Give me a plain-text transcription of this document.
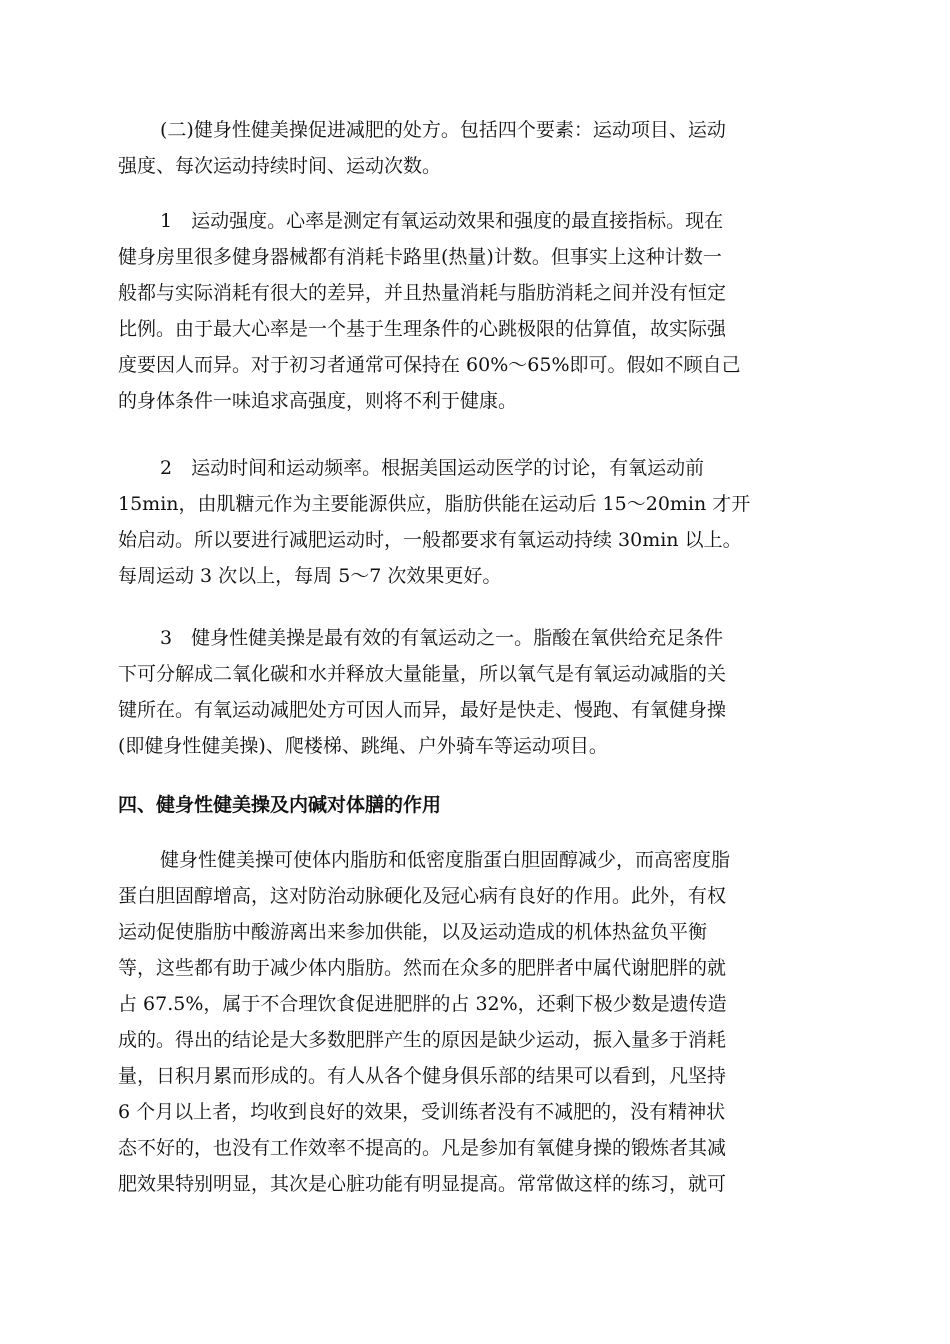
(二)健身性健美操促进减肥的处方。包括四个要素：运动项目、运动
强度、每次运动持续时间、运动次数。
1　运动强度。心率是测定有氧运动效果和强度的最直接指标。现在
健身房里很多健身器械都有消耗卡路里(热量)计数。但事实上这种计数一
般都与实际消耗有很大的差异，并且热量消耗与脂肪消耗之间并没有恒定
比例。由于最大心率是一个基于生理条件的心跳极限的估算值，故实际强
度要因人而异。对于初习者通常可保持在 60%～65%即可。假如不顾自己
的身体条件一味追求高强度，则将不利于健康。
2　运动时间和运动频率。根据美国运动医学的讨论，有氧运动前
15min，由肌糖元作为主要能源供应，脂肪供能在运动后 15～20min 才开
始启动。所以要进行减肥运动时，一般都要求有氧运动持续 30min 以上。
每周运动 3 次以上，每周 5～7 次效果更好。
3　健身性健美操是最有效的有氧运动之一。脂酸在氧供给充足条件
下可分解成二氧化碳和水并释放大量能量，所以氧气是有氧运动减脂的关
键所在。有氧运动减肥处方可因人而异，最好是快走、慢跑、有氧健身操
(即健身性健美操)、爬楼梯、跳绳、户外骑车等运动项目。
四、健身性健美操及内碱对体膳的作用
健身性健美操可使体内脂肪和低密度脂蛋白胆固醇减少，而高密度脂
蛋白胆固醇增高，这对防治动脉硬化及冠心病有良好的作用。此外，有权
运动促使脂肪中酸游离出来参加供能，以及运动造成的机体热盆负平衡
等，这些都有助于减少体内脂肪。然而在众多的肥胖者中属代谢肥胖的就
占 67.5%，属于不合理饮食促进肥胖的占 32%，还剩下极少数是遗传造
成的。得出的结论是大多数肥胖产生的原因是缺少运动，振入量多于消耗
量，日积月累而形成的。有人从各个健身俱乐部的结果可以看到，凡坚持
6 个月以上者，均收到良好的效果，受训练者没有不减肥的，没有精神状
态不好的，也没有工作效率不提高的。凡是参加有氧健身操的锻炼者其减
肥效果特别明显，其次是心脏功能有明显提高。常常做这样的练习，就可
